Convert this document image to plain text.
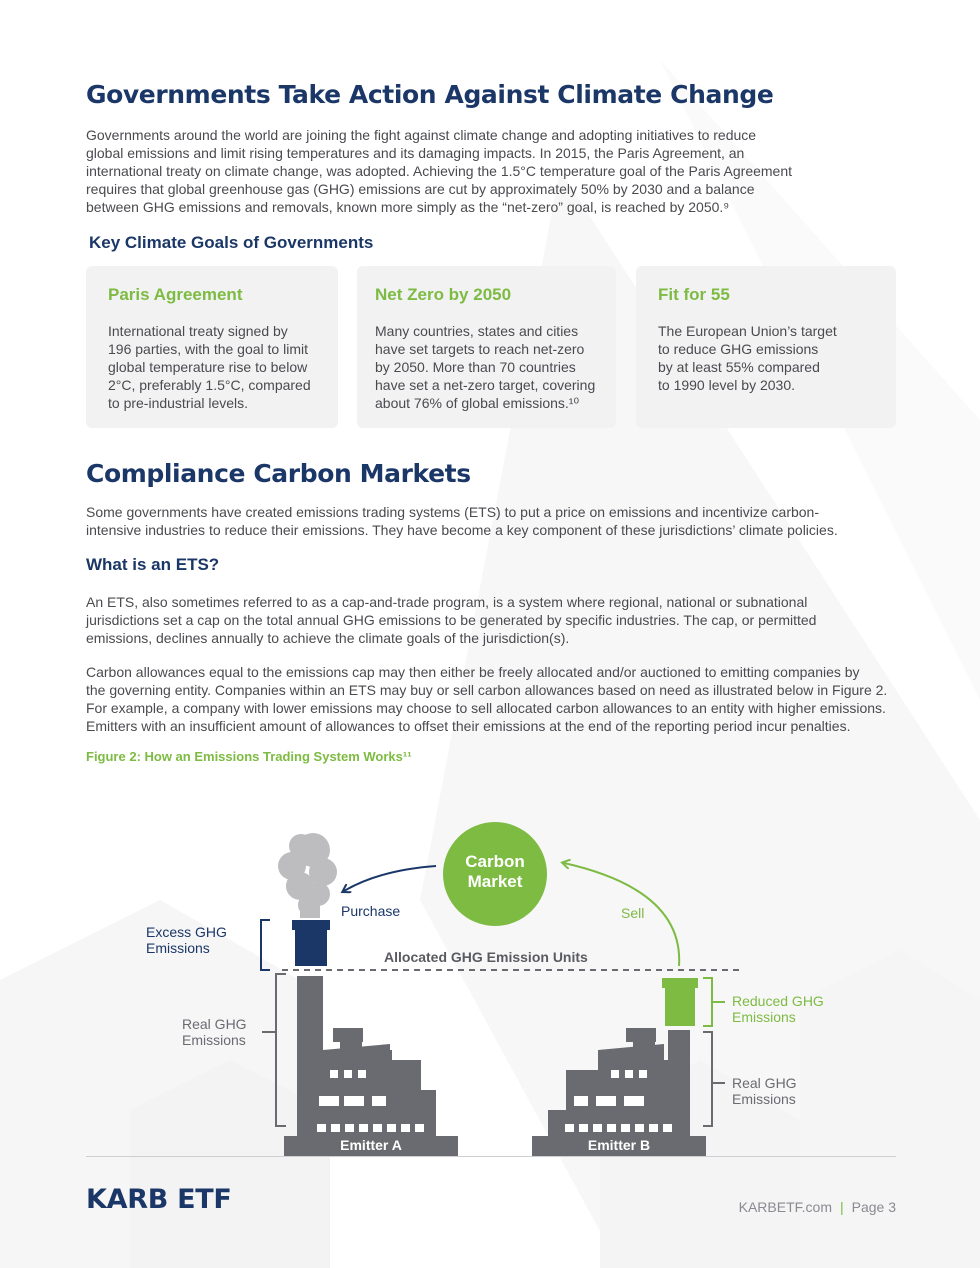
Governments Take Action Against Climate Change
Governments around the world are joining the fight against climate change and adopting initiatives to reduce
global emissions and limit rising temperatures and its damaging impacts. In 2015, the Paris Agreement, an
international treaty on climate change, was adopted. Achieving the 1.5°C temperature goal of the Paris Agreement
requires that global greenhouse gas (GHG) emissions are cut by approximately 50% by 2030 and a balance
between GHG emissions and removals, known more simply as the “net-zero” goal, is reached by 2050.⁹
Key Climate Goals of Governments
Paris Agreement
International treaty signed by
196 parties, with the goal to limit
global temperature rise to below
2°C, preferably 1.5°C, compared
to pre-industrial levels.
Net Zero by 2050
Many countries, states and cities
have set targets to reach net-zero
by 2050. More than 70 countries
have set a net-zero target, covering
about 76% of global emissions.¹⁰
Fit for 55
The European Union’s target
to reduce GHG emissions
by at least 55% compared
to 1990 level by 2030.
Compliance Carbon Markets
Some governments have created emissions trading systems (ETS) to put a price on emissions and incentivize carbon-
intensive industries to reduce their emissions. They have become a key component of these jurisdictions’ climate policies.
What is an ETS?
An ETS, also sometimes referred to as a cap-and-trade program, is a system where regional, national or subnational
jurisdictions set a cap on the total annual GHG emissions to be generated by specific industries. The cap, or permitted
emissions, declines annually to achieve the climate goals of the jurisdiction(s).
Carbon allowances equal to the emissions cap may then either be freely allocated and/or auctioned to emitting companies by
the governing entity. Companies within an ETS may buy or sell carbon allowances based on need as illustrated below in Figure 2.
For example, a company with lower emissions may choose to sell allocated carbon allowances to an entity with higher emissions.
Emitters with an insufficient amount of allowances to offset their emissions at the end of the reporting period incur penalties.
Figure 2: How an Emissions Trading System Works¹¹
Carbon
Market
Purchase	Sell
Allocated GHG Emission Units
Emitter A	Emitter B
Excess GHG
Emissions
Real GHG
Emissions
Reduced GHG
Emissions
Real GHG
Emissions
KARB ETF	KARBETF.com | Page 3
